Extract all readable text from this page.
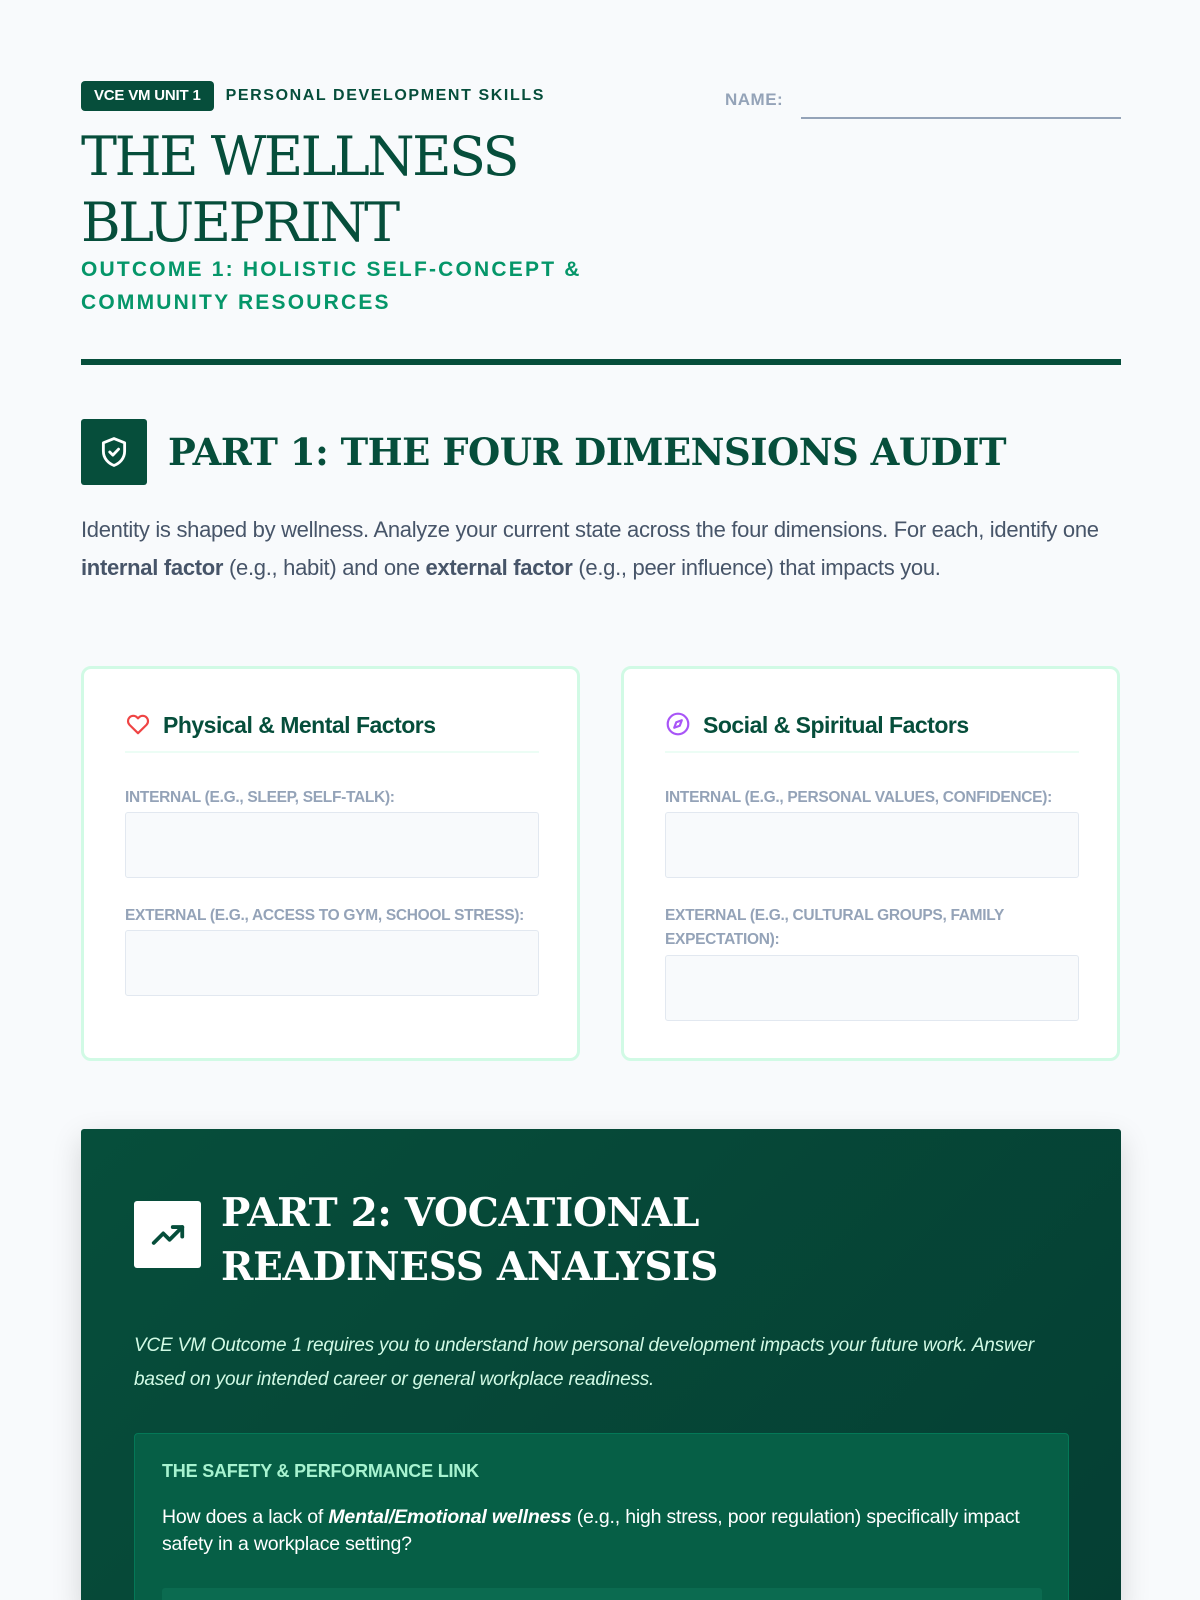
VCE VM UNIT 1	PERSONAL DEVELOPMENT SKILLS
THE WELLNESS BLUEPRINT
OUTCOME 1: HOLISTIC SELF-CONCEPT & COMMUNITY RESOURCES
NAME:
PART 1: THE FOUR DIMENSIONS AUDIT

Identity is shaped by wellness. Analyze your current state across the four dimensions. For each, identify one internal factor (e.g., habit) and one external factor (e.g., peer influence) that impacts you.

Physical & Mental Factors
INTERNAL (E.G., SLEEP, SELF-TALK):
EXTERNAL (E.G., ACCESS TO GYM, SCHOOL STRESS):
Social & Spiritual Factors
INTERNAL (E.G., PERSONAL VALUES, CONFIDENCE):
EXTERNAL (E.G., CULTURAL GROUPS, FAMILY EXPECTATION):
PART 2: VOCATIONAL READINESS ANALYSIS

VCE VM Outcome 1 requires you to understand how personal development impacts your future work. Answer based on your intended career or general workplace readiness.

THE SAFETY & PERFORMANCE LINK

How does a lack of Mental/Emotional wellness (e.g., high stress, poor regulation) specifically impact safety in a workplace setting?
